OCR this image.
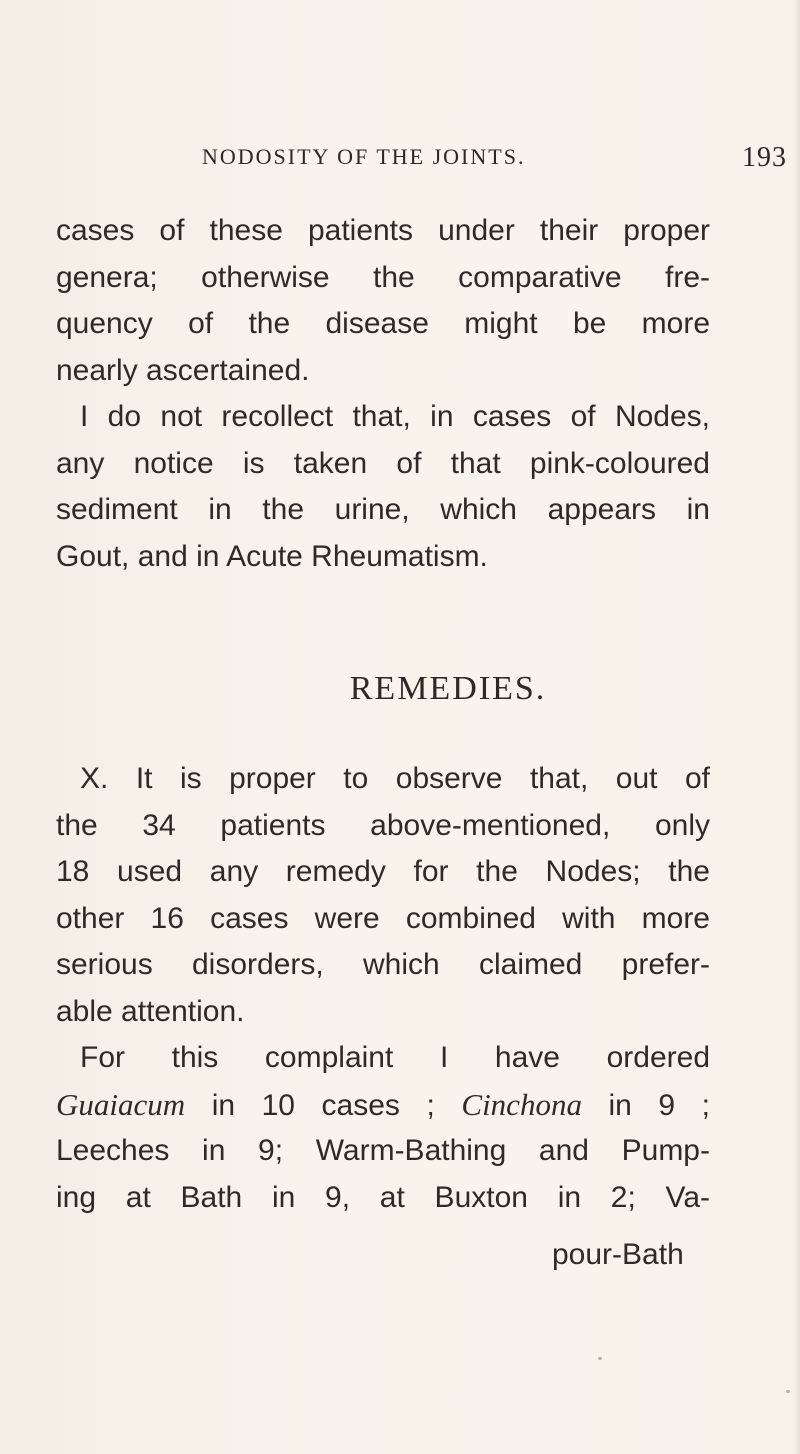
NODOSITY OF THE JOINTS.	193
cases of these patients under their proper
genera; otherwise the comparative fre-
quency of the disease might be more
nearly ascertained.
I do not recollect that, in cases of Nodes,
any notice is taken of that pink-coloured
sediment in the urine, which appears in
Gout, and in Acute Rheumatism.
REMEDIES.
X. It is proper to observe that, out of
the 34 patients above-mentioned, only
18 used any remedy for the Nodes; the
other 16 cases were combined with more
serious disorders, which claimed prefer-
able attention.
For this complaint I have ordered
Guaiacum in 10 cases ; Cinchona in 9 ;
Leeches in 9; Warm-Bathing and Pump-
ing at Bath in 9, at Buxton in 2; Va-
pour-Bath
